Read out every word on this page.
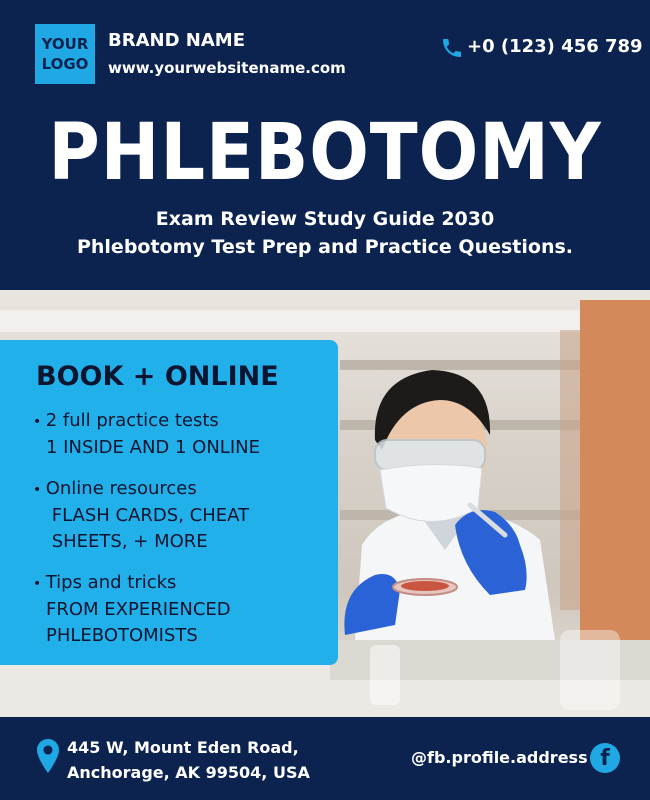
YOUR
LOGO
BRAND NAME
www.yourwebsitename.com
+0 (123) 456 789
PHLEBOTOMY
Exam Review Study Guide 2030
Phlebotomy Test Prep and Practice Questions.
BOOK + ONLINE
• 2 full practice tests
1 INSIDE AND 1 ONLINE
• Online resources
FLASH CARDS, CHEAT
SHEETS, + MORE
• Tips and tricks
FROM EXPERIENCED
PHLEBOTOMISTS
445 W, Mount Eden Road,
Anchorage, AK 99504, USA
@fb.profile.address f
